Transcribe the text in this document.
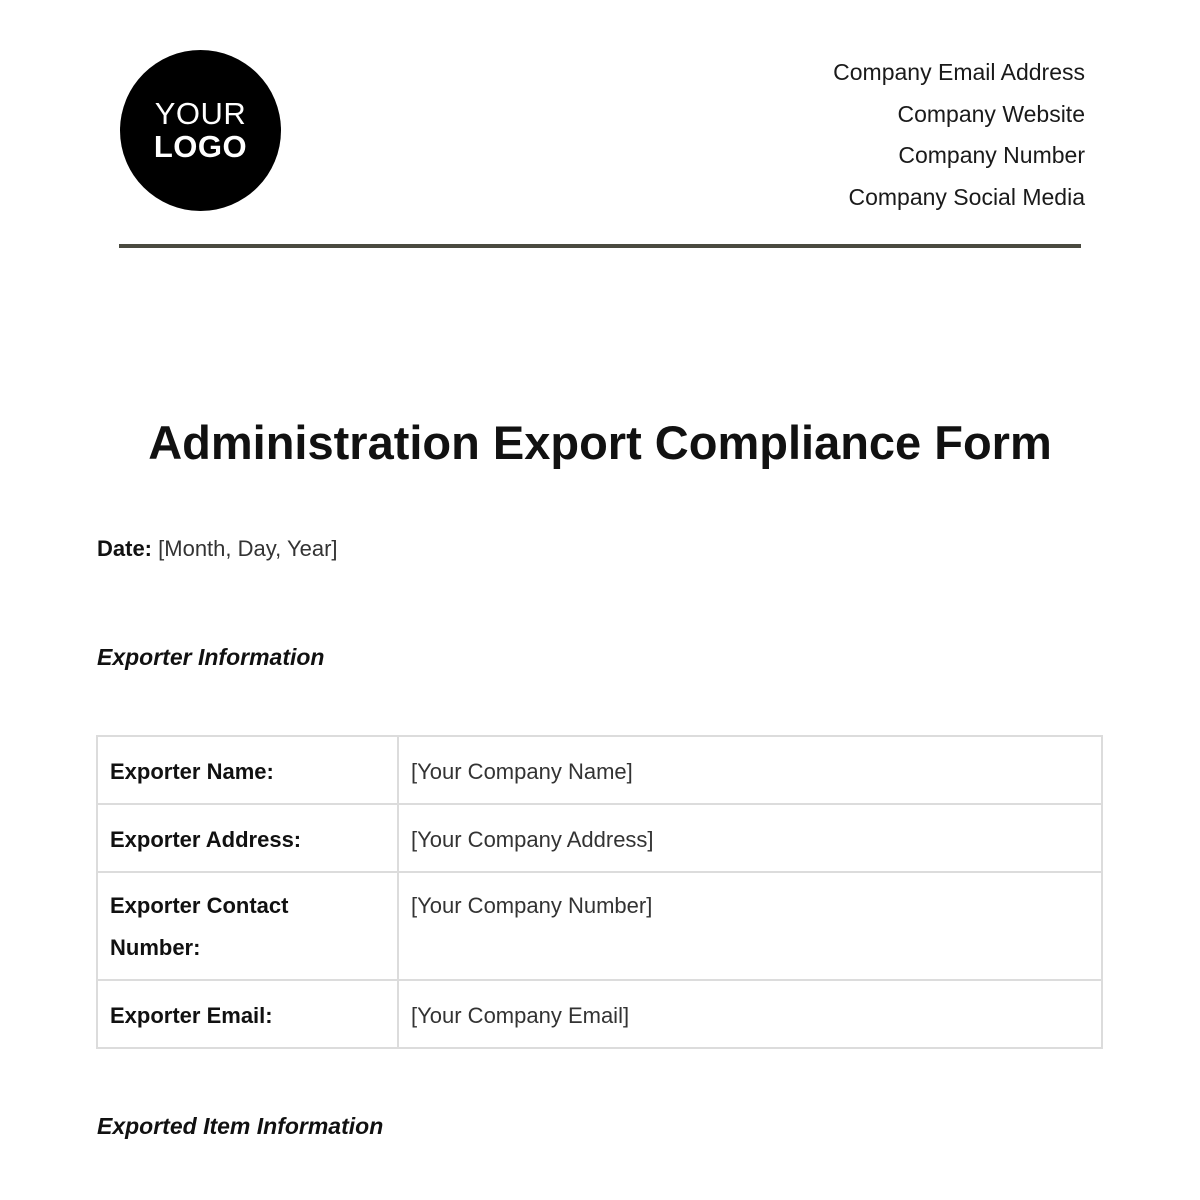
YOUR
LOGO
Company Email Address
Company Website
Company Number
Company Social Media
Administration Export Compliance Form
Date: [Month, Day, Year]
Exporter Information
Exporter Name:	[Your Company Name]
Exporter Address:	[Your Company Address]
Exporter Contact Number:	[Your Company Number]
Exporter Email:	[Your Company Email]
Exported Item Information
